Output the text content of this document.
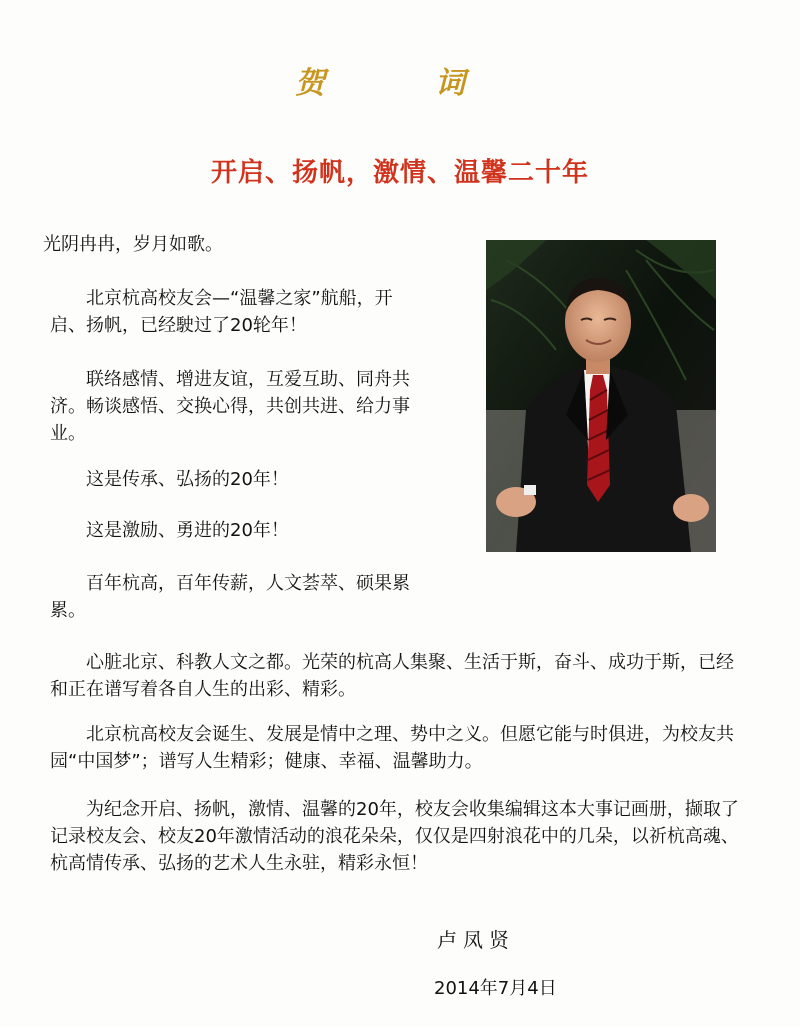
贺　词
开启、扬帆，激情、温馨二十年

光阴冉冉，岁月如歌。

　　北京杭高校友会—“温馨之家”航船，开启、扬帆，已经駛过了20轮年！

　　联络感情、增进友谊，互爱互助、同舟共济。畅谈感悟、交换心得，共创共进、给力事业。

　　这是传承、弘扬的20年！

　　这是激励、勇进的20年！

　　百年杭高，百年传薪，人文荟萃、硕果累累。

　　心脏北京、科教人文之都。光荣的杭高人集聚、生活于斯，奋斗、成功于斯，已经和正在谱写着各自人生的出彩、精彩。

　　北京杭高校友会诞生、发展是情中之理、势中之义。但愿它能与时俱进，为校友共园“中国梦”；谱写人生精彩；健康、幸福、温馨助力。

　　为纪念开启、扬帆，激情、温馨的20年，校友会收集编辑这本大事记画册，撷取了记录校友会、校友20年激情活动的浪花朵朵，仅仅是四射浪花中的几朵，以祈杭高魂、杭高情传承、弘扬的艺术人生永驻，精彩永恒！

卢凤贤
2014年7月4日
